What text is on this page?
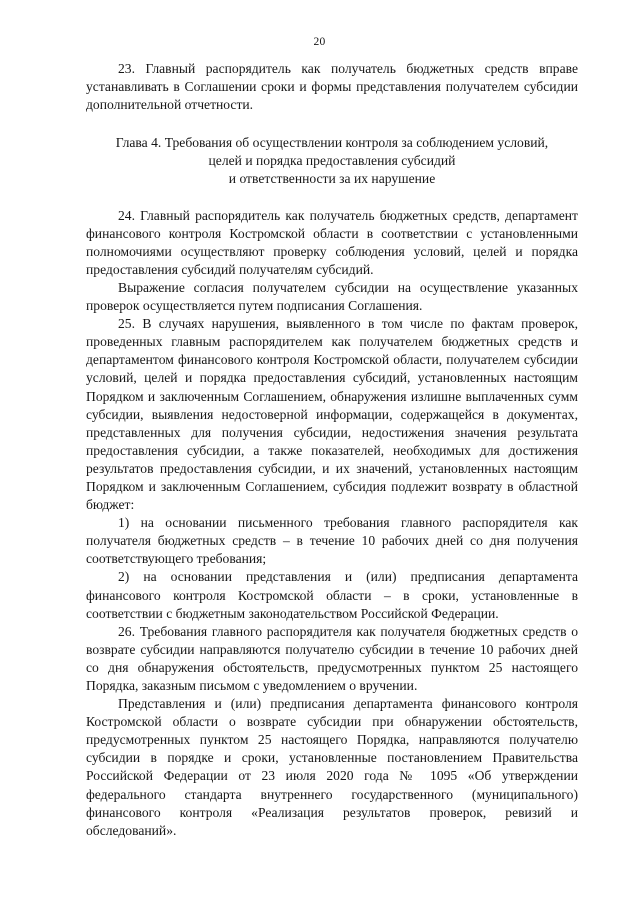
20

23. Главный распорядитель как получатель бюджетных средств вправе устанавливать в Соглашении сроки и формы представления получателем субсидии дополнительной отчетности.

Глава 4. Требования об осуществлении контроля за соблюдением условий,

целей и порядка предоставления субсидий

и ответственности за их нарушение

24. Главный распорядитель как получатель бюджетных средств, департамент финансового контроля Костромской области в соответствии с установленными полномочиями осуществляют проверку соблюдения условий, целей и порядка предоставления субсидий получателям субсидий.

Выражение согласия получателем субсидии на осуществление указанных проверок осуществляется путем подписания Соглашения.

25. В случаях нарушения, выявленного в том числе по фактам проверок, проведенных главным распорядителем как получателем бюджетных средств и департаментом финансового контроля Костромской области, получателем субсидии условий, целей и порядка предоставления субсидий, установленных настоящим Порядком и заключенным Соглашением, обнаружения излишне выплаченных сумм субсидии, выявления недостоверной информации, содержащейся в документах, представленных для получения субсидии, недостижения значения результата предоставления субсидии, а также показателей, необходимых для достижения результатов предоставления субсидии, и их значений, установленных настоящим Порядком и заключенным Соглашением, субсидия подлежит возврату в областной бюджет:

1) на основании письменного требования главного распорядителя как получателя бюджетных средств – в течение 10 рабочих дней со дня получения соответствующего требования;

2) на основании представления и (или) предписания департамента финансового контроля Костромской области – в сроки, установленные в соответствии с бюджетным законодательством Российской Федерации.

26. Требования главного распорядителя как получателя бюджетных средств о возврате субсидии направляются получателю субсидии в течение 10 рабочих дней со дня обнаружения обстоятельств, предусмотренных пунктом 25 настоящего Порядка, заказным письмом с уведомлением о вручении.

Представления и (или) предписания департамента финансового контроля Костромской области о возврате субсидии при обнаружении обстоятельств, предусмотренных пунктом 25 настоящего Порядка, направляются получателю субсидии в порядке и сроки, установленные постановлением Правительства Российской Федерации от 23 июля 2020 года № 1095 «Об утверждении федерального стандарта внутреннего государственного (муниципального) финансового контроля «Реализация результатов проверок, ревизий и обследований».
